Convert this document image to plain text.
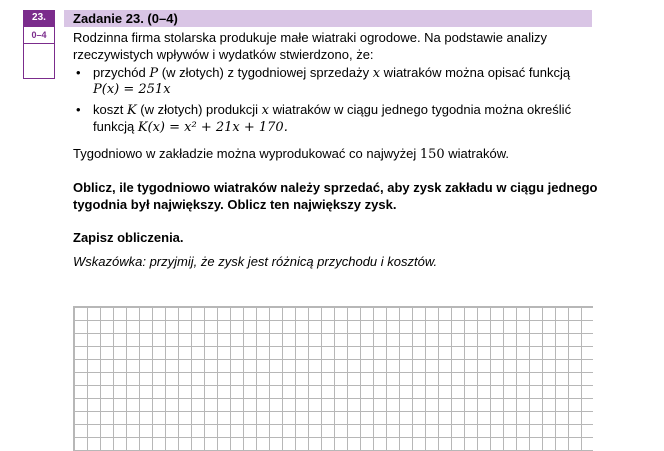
23.
0–4
Zadanie 23. (0–4)
Rodzinna firma stolarska produkuje małe wiatraki ogrodowe. Na podstawie analizy
rzeczywistych wpływów i wydatków stwierdzono, że:
• przychód P (w złotych) z tygodniowej sprzedaży x wiatraków można opisać funkcją
P(x) = 251x
• koszt K (w złotych) produkcji x wiatraków w ciągu jednego tygodnia można określić
funkcją K(x) = x² + 21x + 170.
Tygodniowo w zakładzie można wyprodukować co najwyżej 150 wiatraków.
Oblicz, ile tygodniowo wiatraków należy sprzedać, aby zysk zakładu w ciągu jednego
tygodnia był największy. Oblicz ten największy zysk.
Zapisz obliczenia.
Wskazówka: przyjmij, że zysk jest różnicą przychodu i kosztów.
